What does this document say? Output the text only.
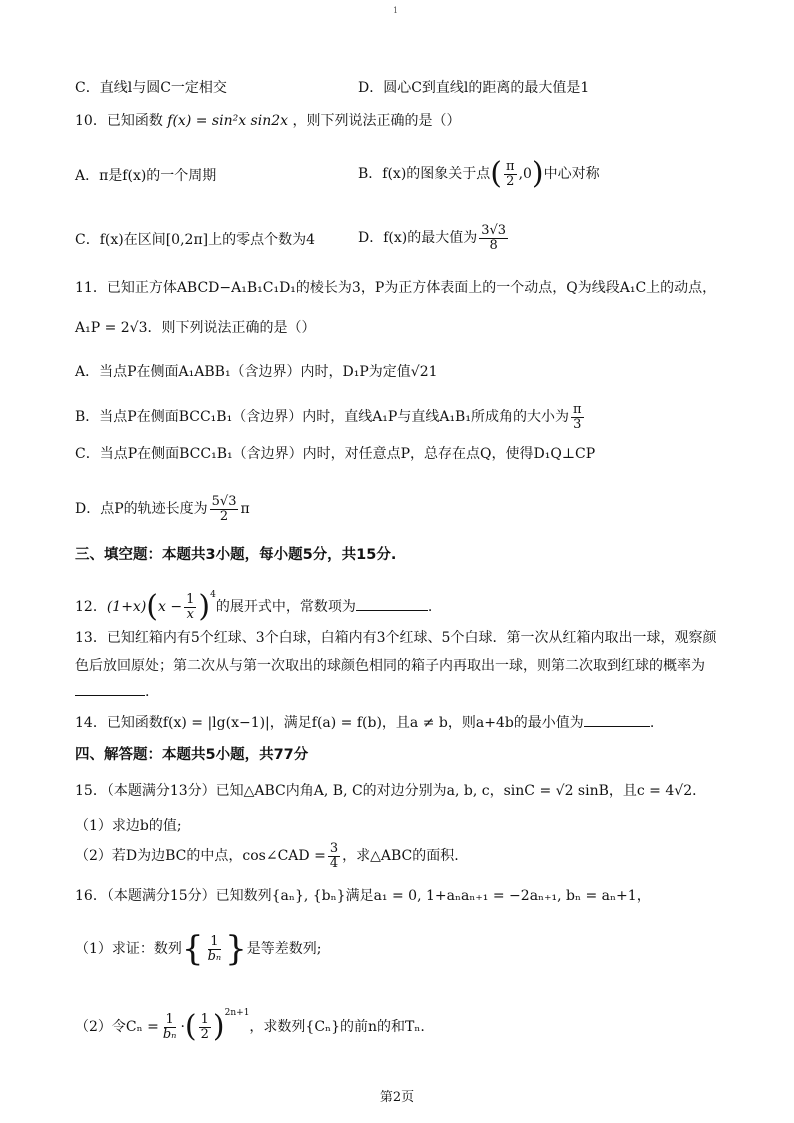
1
C．直线l与圆C一定相交	D．圆心C到直线l的距离的最大值是1
10．已知函数 f(x) = sin²x sin2x ，则下列说法正确的是（）
A．π是f(x)的一个周期	B．f(x)的图象关于点( $\frac{\pi}{2} ,0$)中心对称
C．f(x)在区间[0,2π]上的零点个数为4	D．f(x)的最大值为 $\frac{3√3}{8}$
11．已知正方体ABCD−A₁B₁C₁D₁的棱长为3，P为正方体表面上的一个动点，Q为线段A₁C上的动点，
A₁P = 2√3．则下列说法正确的是（）
A．当点P在侧面A₁ABB₁（含边界）内时，D₁P为定值√21
B．当点P在侧面BCC₁B₁（含边界）内时，直线A₁P与直线A₁B₁所成角的大小为 $\frac{\pi}{3}$
C．当点P在侧面BCC₁B₁（含边界）内时，对任意点P，总存在点Q，使得D₁Q⊥CP
D．点P的轨迹长度为 $\frac{5√3}{2}$ π
三、填空题：本题共3小题，每小题5分，共15分.
12．$(1+x)(x - \frac{1}{x} )^4$的展开式中，常数项为	.
13．已知红箱内有5个红球、3个白球，白箱内有3个红球、5个白球．第一次从红箱内取出一球，观察颜
色后放回原处；第二次从与第一次取出的球颜色相同的箱子内再取出一球，则第二次取到红球的概率为
.
14．已知函数f(x) = |lg(x−1)|，满足f(a) = f(b)，且a ≠ b，则a+4b的最小值为	.
四、解答题：本题共5小题，共77分
15．（本题满分13分）已知△ABC内角A, B, C的对边分别为a, b, c，sinC = √2 sinB，且c = 4√2．
（1）求边b的值;
（2）若D为边BC的中点，cos∠CAD = $\frac{3}{4}$ ，求△ABC的面积.
16．（本题满分15分）已知数列{aₙ}, {bₙ}满足a₁ = 0, 1+aₙaₙ₊₁ = −2aₙ₊₁, bₙ = aₙ+1，
（1）求证：数列{ $\frac{1}{\text{bₙ}}$ }是等差数列;
（2）令$C_n = \frac{1}{\text{bₙ}}$ ·( $\frac{1}{2} )^{2n+1}$，求数列{Cₙ}的前n的和Tₙ.
第2页
